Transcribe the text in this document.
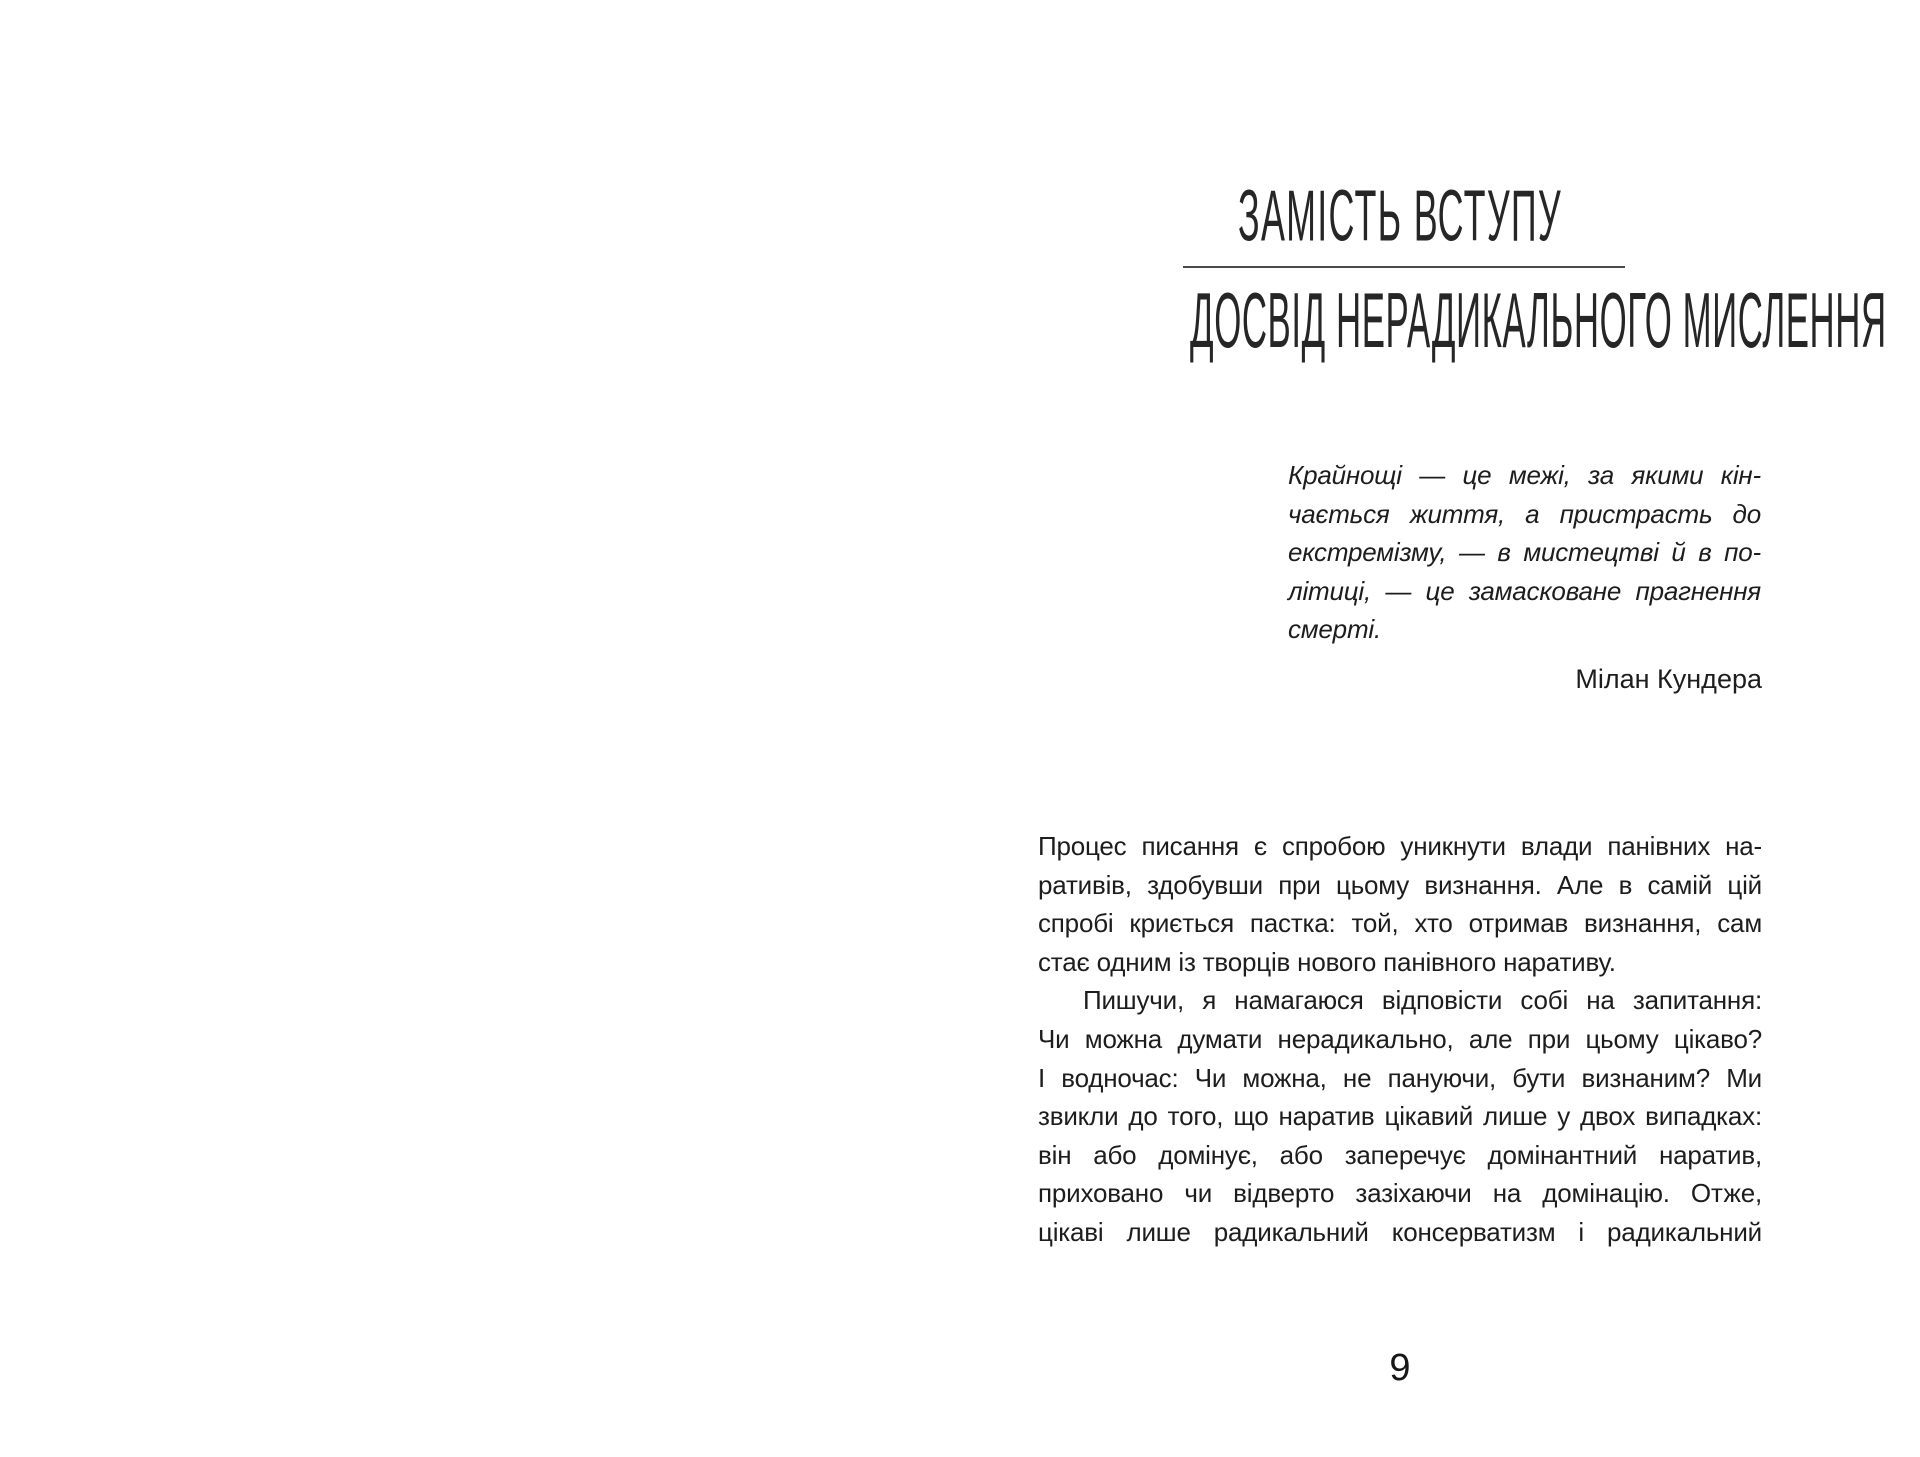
ЗАМІСТЬ ВСТУПУ
ДОСВІД НЕРАДИКАЛЬНОГО МИСЛЕННЯ
Крайнощі — це межі, за якими кін-
чається життя, а пристрасть до
екстремізму, — в мистецтві й в по-
літиці, — це замасковане прагнення
смерті.
Мілан Кундера
Процес писання є спробою уникнути влади панівних на-
ративів, здобувши при цьому визнання. Але в самій цій
спробі криється пастка: той, хто отримав визнання, сам
стає одним із творців нового панівного наративу.
Пишучи, я намагаюся відповісти собі на запитання:
Чи можна думати нерадикально, але при цьому цікаво?
І водночас: Чи можна, не пануючи, бути визнаним? Ми
звикли до того, що наратив цікавий лише у двох випадках:
він або домінує, або заперечує домінантний наратив,
приховано чи відверто зазіхаючи на домінацію. Отже,
цікаві лише радикальний консерватизм і радикальний
9
